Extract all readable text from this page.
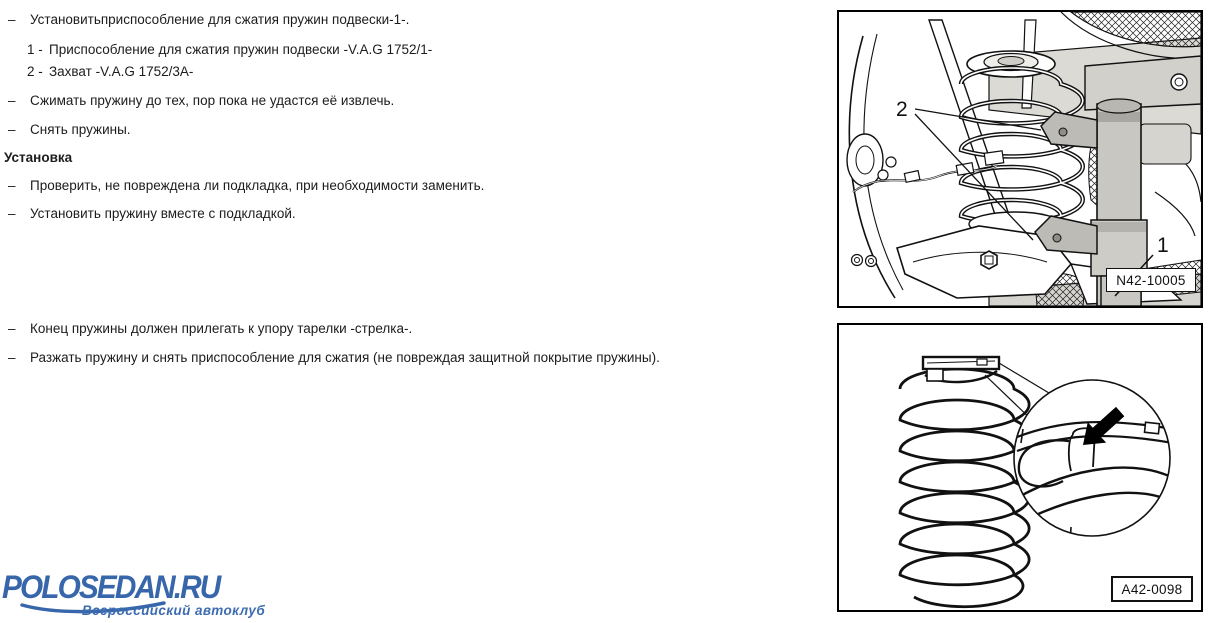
– Установитьприспособление для сжатия пружин подвески-1-.
1 - Приспособление для сжатия пружин подвески -V.A.G 1752/1-
2 - Захват -V.A.G 1752/3A-
– Сжимать пружину до тех, пор пока не удастся её извлечь.
– Снять пружины.
Установка
– Проверить, не повреждена ли подкладка, при необходимости заменить.
– Установить пружину вместе с подкладкой.
– Конец пружины должен прилегать к упору тарелки -стрелка-.
– Разжать пружину и снять приспособление для сжатия (не повреждая защитной покрытие пружины).
2
1
N42-10005
A42-0098
POLOSEDAN.RU
Всероссийский автоклуб
